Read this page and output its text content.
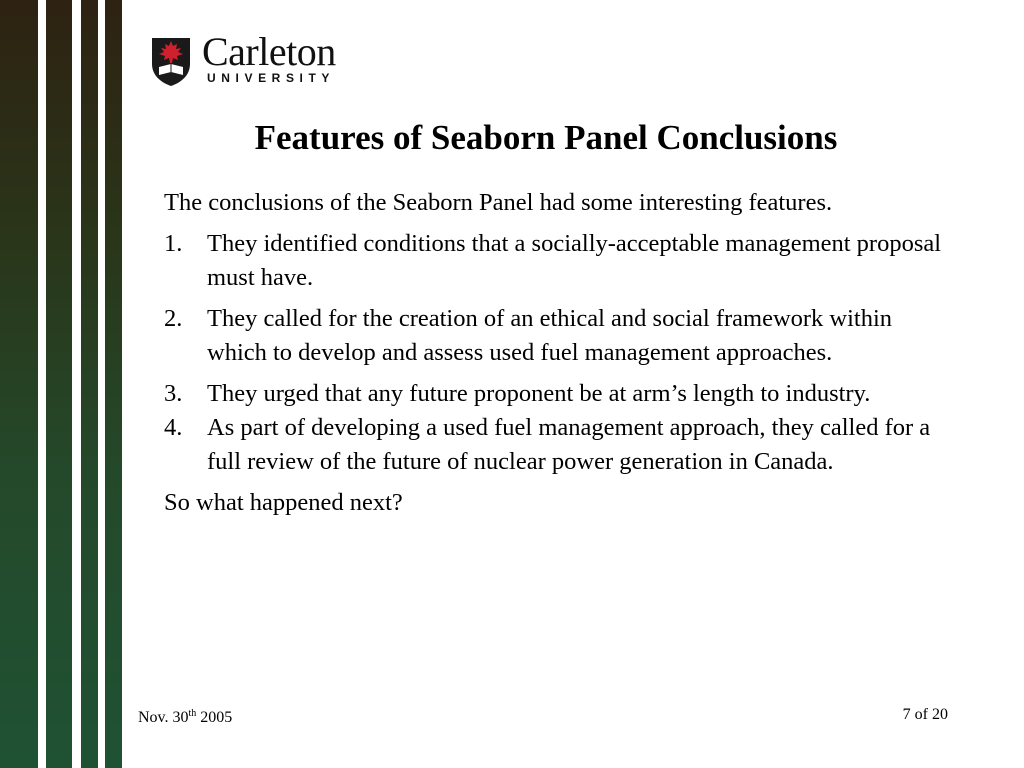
Carleton
UNIVERSITY
Features of Seaborn Panel Conclusions

The conclusions of the Seaborn Panel had some interesting features.

1. They identified conditions that a socially-acceptable management proposal must have.
2. They called for the creation of an ethical and social framework within which to develop and assess used fuel management approaches.
3. They urged that any future proponent be at arm’s length to industry.
4. As part of developing a used fuel management approach, they called for a full review of the future of nuclear power generation in Canada.

So what happened next?

Nov. 30th 2005	7 of 20
